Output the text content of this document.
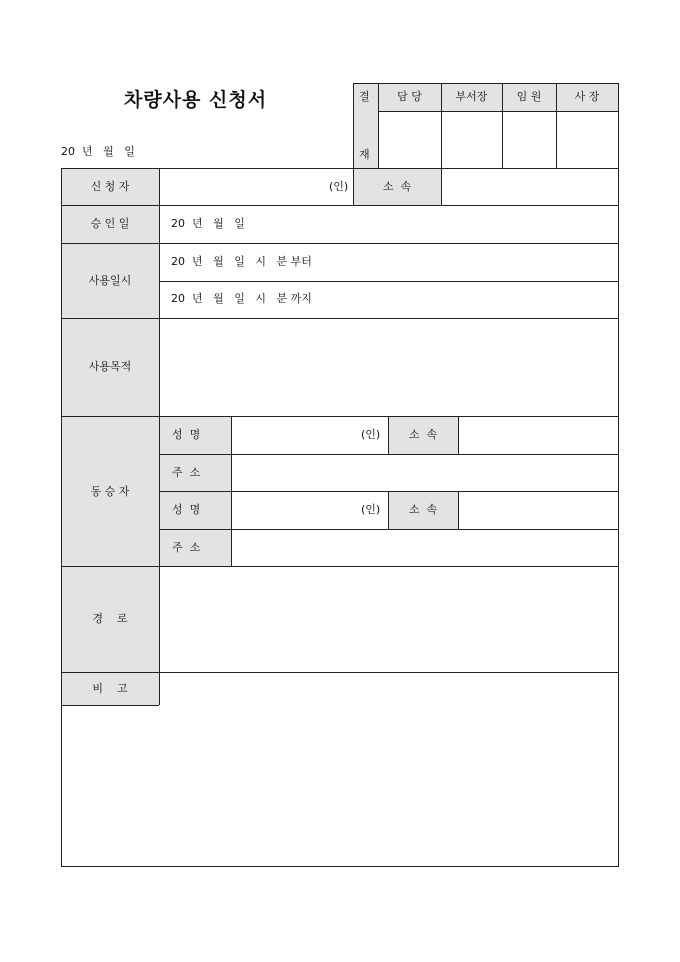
차량사용 신청서
20  년   월   일
결
재
담 당	부서장	임 원	사 장
신 청 자	(인)	소  속
승 인 일	20  년   월   일
사용일시
20  년   월   일   시   분 부터
20  년   월   일   시   분 까지
사용목적
동 승 자
성  명	(인)	소  속
주  소
성  명	(인)	소  속
주  소
경    로
비    고
